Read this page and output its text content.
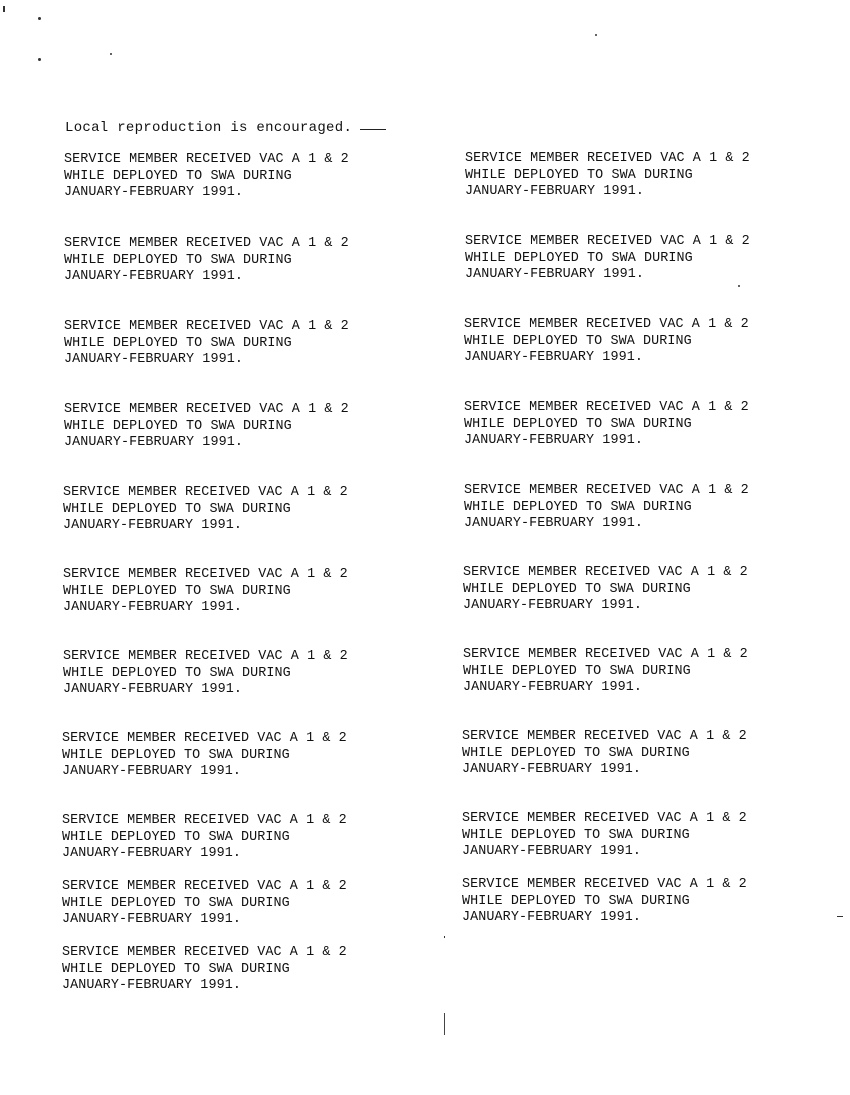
Local reproduction is encouraged.
SERVICE MEMBER RECEIVED VAC A 1 & 2
WHILE DEPLOYED TO SWA DURING
JANUARY-FEBRUARY 1991.
SERVICE MEMBER RECEIVED VAC A 1 & 2
WHILE DEPLOYED TO SWA DURING
JANUARY-FEBRUARY 1991.
SERVICE MEMBER RECEIVED VAC A 1 & 2
WHILE DEPLOYED TO SWA DURING
JANUARY-FEBRUARY 1991.
SERVICE MEMBER RECEIVED VAC A 1 & 2
WHILE DEPLOYED TO SWA DURING
JANUARY-FEBRUARY 1991.
SERVICE MEMBER RECEIVED VAC A 1 & 2
WHILE DEPLOYED TO SWA DURING
JANUARY-FEBRUARY 1991.
SERVICE MEMBER RECEIVED VAC A 1 & 2
WHILE DEPLOYED TO SWA DURING
JANUARY-FEBRUARY 1991.
SERVICE MEMBER RECEIVED VAC A 1 & 2
WHILE DEPLOYED TO SWA DURING
JANUARY-FEBRUARY 1991.
SERVICE MEMBER RECEIVED VAC A 1 & 2
WHILE DEPLOYED TO SWA DURING
JANUARY-FEBRUARY 1991.
SERVICE MEMBER RECEIVED VAC A 1 & 2
WHILE DEPLOYED TO SWA DURING
JANUARY-FEBRUARY 1991.
SERVICE MEMBER RECEIVED VAC A 1 & 2
WHILE DEPLOYED TO SWA DURING
JANUARY-FEBRUARY 1991.
SERVICE MEMBER RECEIVED VAC A 1 & 2
WHILE DEPLOYED TO SWA DURING
JANUARY-FEBRUARY 1991.
SERVICE MEMBER RECEIVED VAC A 1 & 2
WHILE DEPLOYED TO SWA DURING
JANUARY-FEBRUARY 1991.
SERVICE MEMBER RECEIVED VAC A 1 & 2
WHILE DEPLOYED TO SWA DURING
JANUARY-FEBRUARY 1991.
SERVICE MEMBER RECEIVED VAC A 1 & 2
WHILE DEPLOYED TO SWA DURING
JANUARY-FEBRUARY 1991.
SERVICE MEMBER RECEIVED VAC A 1 & 2
WHILE DEPLOYED TO SWA DURING
JANUARY-FEBRUARY 1991.
SERVICE MEMBER RECEIVED VAC A 1 & 2
WHILE DEPLOYED TO SWA DURING
JANUARY-FEBRUARY 1991.
SERVICE MEMBER RECEIVED VAC A 1 & 2
WHILE DEPLOYED TO SWA DURING
JANUARY-FEBRUARY 1991.
SERVICE MEMBER RECEIVED VAC A 1 & 2
WHILE DEPLOYED TO SWA DURING
JANUARY-FEBRUARY 1991.
SERVICE MEMBER RECEIVED VAC A 1 & 2
WHILE DEPLOYED TO SWA DURING
JANUARY-FEBRUARY 1991.
SERVICE MEMBER RECEIVED VAC A 1 & 2
WHILE DEPLOYED TO SWA DURING
JANUARY-FEBRUARY 1991.
SERVICE MEMBER RECEIVED VAC A 1 & 2
WHILE DEPLOYED TO SWA DURING
JANUARY-FEBRUARY 1991.
